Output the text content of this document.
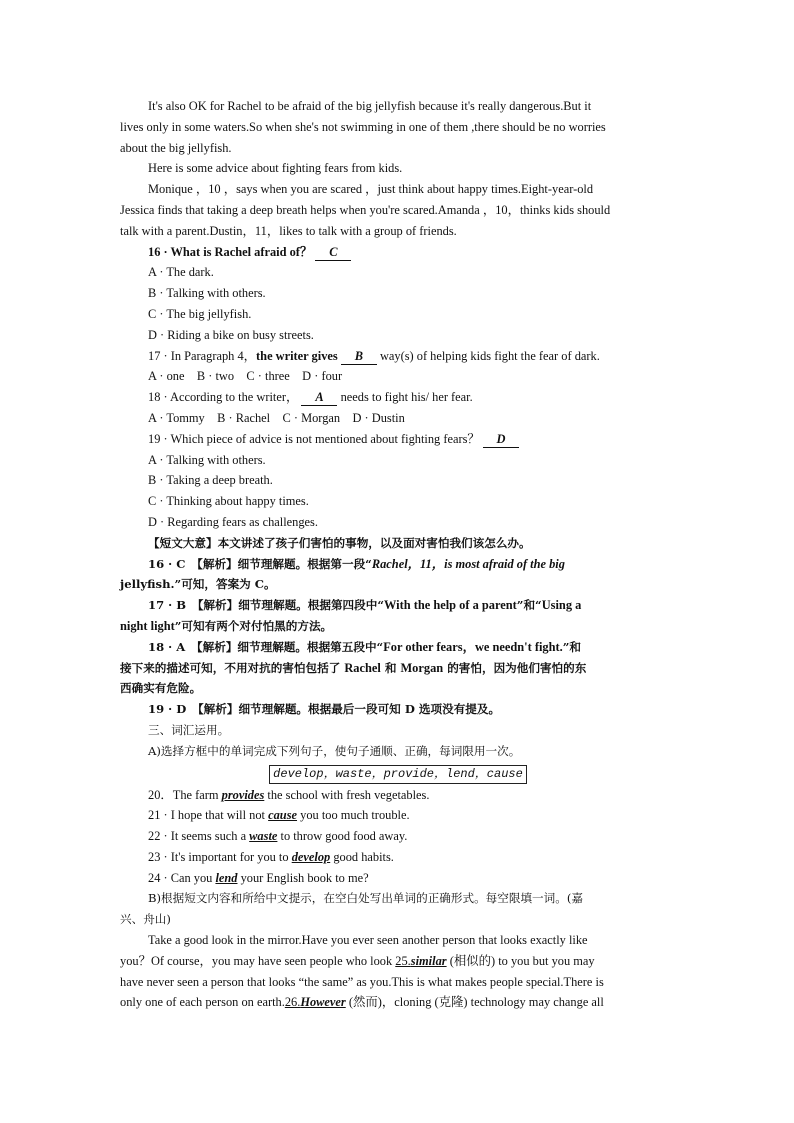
It's also OK for Rachel to be afraid of the big jellyfish because it's really dangerous.But it

lives only in some waters.So when she's not swimming in one of them ,there should be no worries

about the big jellyfish.

Here is some advice about fighting fears from kids.

Monique ，10 ，says when you are scared ，just think about happy times.Eight-year-old

Jessica finds that taking a deep breath helps when you're scared.Amanda ，10，thinks kids should

talk with a parent.Dustin，11，likes to talk with a group of friends.

16 · What is Rachel afraid of？ C

A · The dark.

B · Talking with others.

C · The big jellyfish.

D · Riding a bike on busy streets.

17 · In Paragraph 4，the writer gives B way(s) of helping kids fight the fear of dark.

A · one    B · two    C · three    D · four

18 · According to the writer， A needs to fight his/ her fear.

A · Tommy    B · Rachel    C · Morgan    D · Dustin

19 · Which piece of advice is not mentioned about fighting fears？ D

A · Talking with others.

B · Taking a deep breath.

C · Thinking about happy times.

D · Regarding fears as challenges.

【短文大意】本文讲述了孩子们害怕的事物，以及面对害怕我们该怎么办。

16 · C　【解析】细节理解题。根据第一段“Rachel，11，is most afraid of the big

jellyfish.”可知，答案为 C。

17 · B　【解析】细节理解题。根据第四段中“With the help of a parent”和“Using a

night light”可知有两个对付怕黑的方法。

18 · A　【解析】细节理解题。根据第五段中“For other fears，we needn't fight.”和

接下来的描述可知，不用对抗的害怕包括了 Rachel 和 Morgan 的害怕，因为他们害怕的东

西确实有危险。

19 · D　【解析】细节理解题。根据最后一段可知 D 选项没有提及。

三、词汇运用。

A)选择方框中的单词完成下列句子，使句子通顺、正确，每词限用一次。

develop，waste，provide，lend，cause

20．The farm provides the school with fresh vegetables.

21 · I hope that will not cause you too much trouble.

22 · It seems such a waste to throw good food away.

23 · It's important for you to develop good habits.

24 · Can you lend your English book to me?

B)根据短文内容和所给中文提示，在空白处写出单词的正确形式。每空限填一词。(嘉

兴、舟山)

Take a good look in the mirror.Have you ever seen another person that looks exactly like

you？Of course，you may have seen people who look 25.similar (相似的) to you but you may

have never seen a person that looks “the same” as you.This is what makes people special.There is

only one of each person on earth.26.However (然而)，cloning (克隆) technology may change all
